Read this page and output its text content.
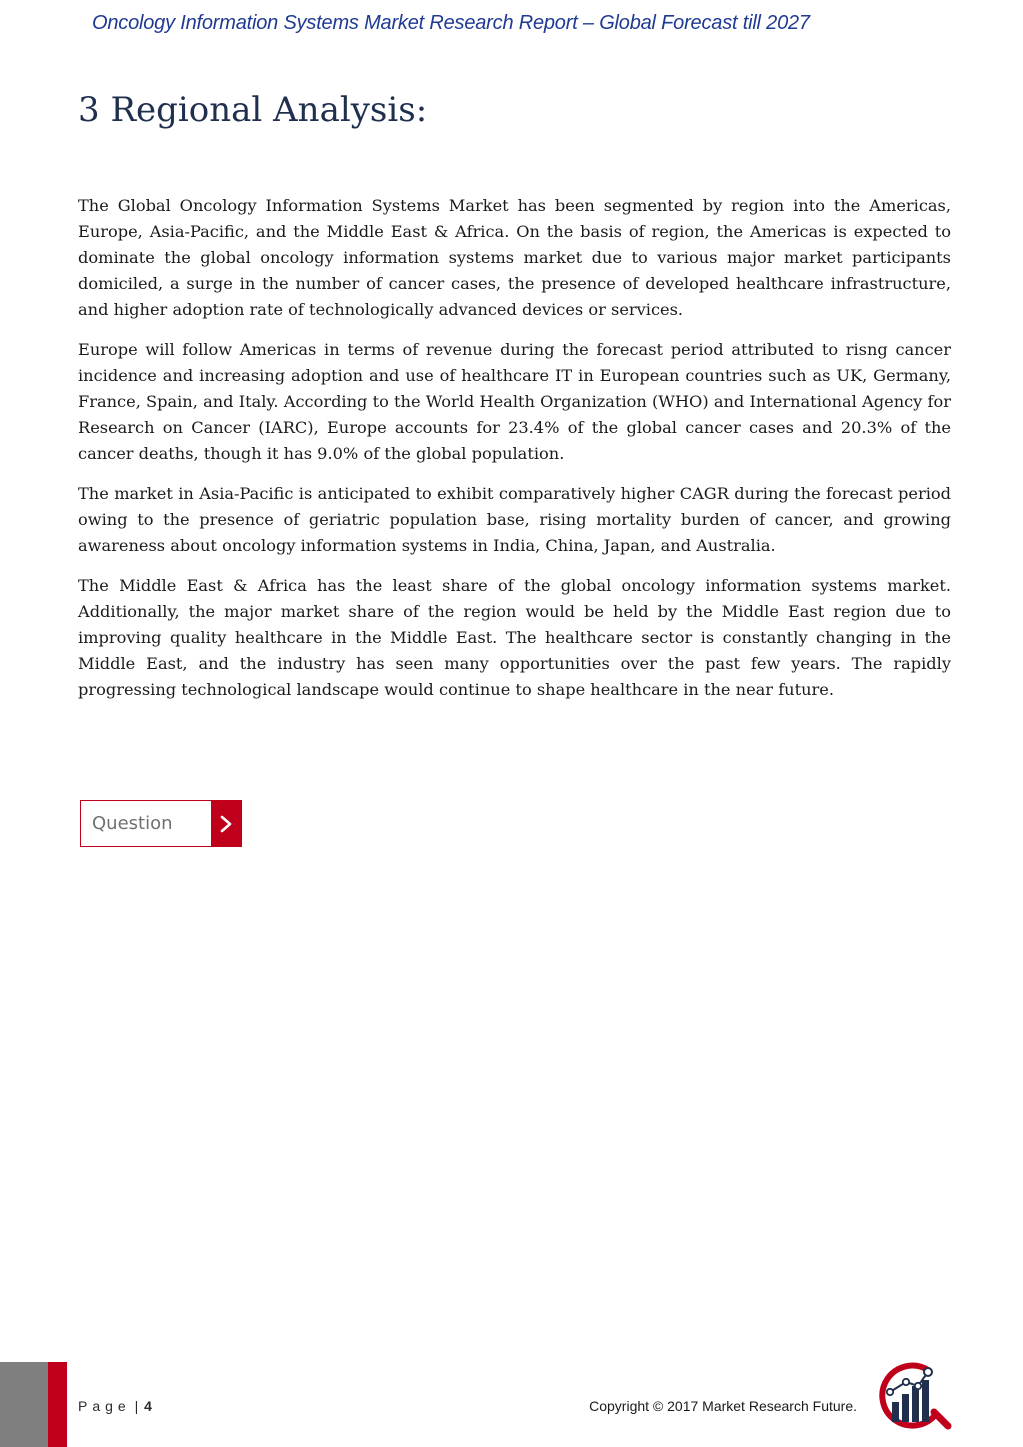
Oncology Information Systems Market Research Report – Global Forecast till 2027
3 Regional Analysis:

The Global Oncology Information Systems Market has been segmented by region into the Americas, Europe, Asia-Pacific, and the Middle East & Africa. On the basis of region, the Americas is expected to dominate the global oncology information systems market due to various major market participants domiciled, a surge in the number of cancer cases, the presence of developed healthcare infrastructure, and higher adoption rate of technologically advanced devices or services.

Europe will follow Americas in terms of revenue during the forecast period attributed to risng cancer incidence and increasing adoption and use of healthcare IT in European countries such as UK, Germany, France, Spain, and Italy. According to the World Health Organization (WHO) and International Agency for Research on Cancer (IARC), Europe accounts for 23.4% of the global cancer cases and 20.3% of the cancer deaths, though it has 9.0% of the global population.

The market in Asia-Pacific is anticipated to exhibit comparatively higher CAGR during the forecast period owing to the presence of geriatric population base, rising mortality burden of cancer, and growing awareness about oncology information systems in India, China, Japan, and Australia.

The Middle East & Africa has the least share of the global oncology information systems market. Additionally, the major market share of the region would be held by the Middle East region due to improving quality healthcare in the Middle East. The healthcare sector is constantly changing in the Middle East, and the industry has seen many opportunities over the past few years. The rapidly progressing technological landscape would continue to shape healthcare in the near future.

Question
Page | 4	Copyright © 2017 Market Research Future.
